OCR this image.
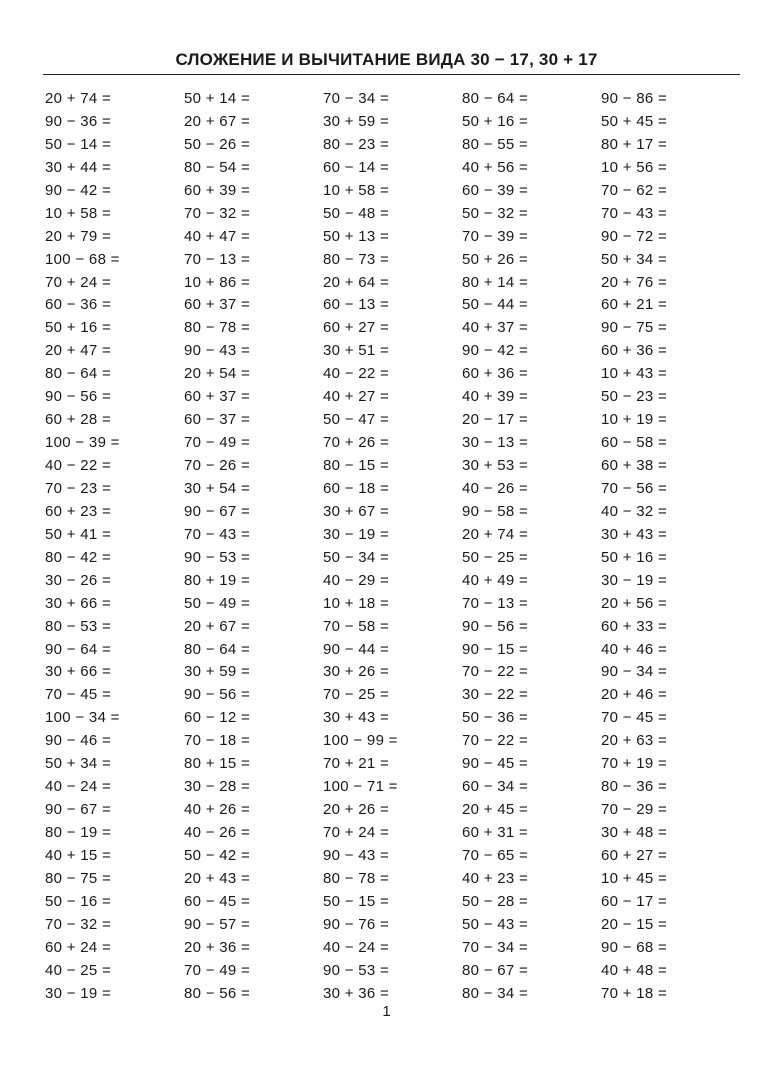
СЛОЖЕНИЕ И ВЫЧИТАНИЕ ВИДА 30 − 17, 30 + 17
20 + 74 =
90 − 36 =
50 − 14 =
30 + 44 =
90 − 42 =
10 + 58 =
20 + 79 =
100 − 68 =
70 + 24 =
60 − 36 =
50 + 16 =
20 + 47 =
80 − 64 =
90 − 56 =
60 + 28 =
100 − 39 =
40 − 22 =
70 − 23 =
60 + 23 =
50 + 41 =
80 − 42 =
30 − 26 =
30 + 66 =
80 − 53 =
90 − 64 =
30 + 66 =
70 − 45 =
100 − 34 =
90 − 46 =
50 + 34 =
40 − 24 =
90 − 67 =
80 − 19 =
40 + 15 =
80 − 75 =
50 − 16 =
70 − 32 =
60 + 24 =
40 − 25 =
30 − 19 =
50 + 14 =
20 + 67 =
50 − 26 =
80 − 54 =
60 + 39 =
70 − 32 =
40 + 47 =
70 − 13 =
10 + 86 =
60 + 37 =
80 − 78 =
90 − 43 =
20 + 54 =
60 + 37 =
60 − 37 =
70 − 49 =
70 − 26 =
30 + 54 =
90 − 67 =
70 − 43 =
90 − 53 =
80 + 19 =
50 − 49 =
20 + 67 =
80 − 64 =
30 + 59 =
90 − 56 =
60 − 12 =
70 − 18 =
80 + 15 =
30 − 28 =
40 + 26 =
40 − 26 =
50 − 42 =
20 + 43 =
60 − 45 =
90 − 57 =
20 + 36 =
70 − 49 =
80 − 56 =
70 − 34 =
30 + 59 =
80 − 23 =
60 − 14 =
10 + 58 =
50 − 48 =
50 + 13 =
80 − 73 =
20 + 64 =
60 − 13 =
60 + 27 =
30 + 51 =
40 − 22 =
40 + 27 =
50 − 47 =
70 + 26 =
80 − 15 =
60 − 18 =
30 + 67 =
30 − 19 =
50 − 34 =
40 − 29 =
10 + 18 =
70 − 58 =
90 − 44 =
30 + 26 =
70 − 25 =
30 + 43 =
100 − 99 =
70 + 21 =
100 − 71 =
20 + 26 =
70 + 24 =
90 − 43 =
80 − 78 =
50 − 15 =
90 − 76 =
40 − 24 =
90 − 53 =
30 + 36 =
80 − 64 =
50 + 16 =
80 − 55 =
40 + 56 =
60 − 39 =
50 − 32 =
70 − 39 =
50 + 26 =
80 + 14 =
50 − 44 =
40 + 37 =
90 − 42 =
60 + 36 =
40 + 39 =
20 − 17 =
30 − 13 =
30 + 53 =
40 − 26 =
90 − 58 =
20 + 74 =
50 − 25 =
40 + 49 =
70 − 13 =
90 − 56 =
90 − 15 =
70 − 22 =
30 − 22 =
50 − 36 =
70 − 22 =
90 − 45 =
60 − 34 =
20 + 45 =
60 + 31 =
70 − 65 =
40 + 23 =
50 − 28 =
50 − 43 =
70 − 34 =
80 − 67 =
80 − 34 =
90 − 86 =
50 + 45 =
80 + 17 =
10 + 56 =
70 − 62 =
70 − 43 =
90 − 72 =
50 + 34 =
20 + 76 =
60 + 21 =
90 − 75 =
60 + 36 =
10 + 43 =
50 − 23 =
10 + 19 =
60 − 58 =
60 + 38 =
70 − 56 =
40 − 32 =
30 + 43 =
50 + 16 =
30 − 19 =
20 + 56 =
60 + 33 =
40 + 46 =
90 − 34 =
20 + 46 =
70 − 45 =
20 + 63 =
70 + 19 =
80 − 36 =
70 − 29 =
30 + 48 =
60 + 27 =
10 + 45 =
60 − 17 =
20 − 15 =
90 − 68 =
40 + 48 =
70 + 18 =
1
